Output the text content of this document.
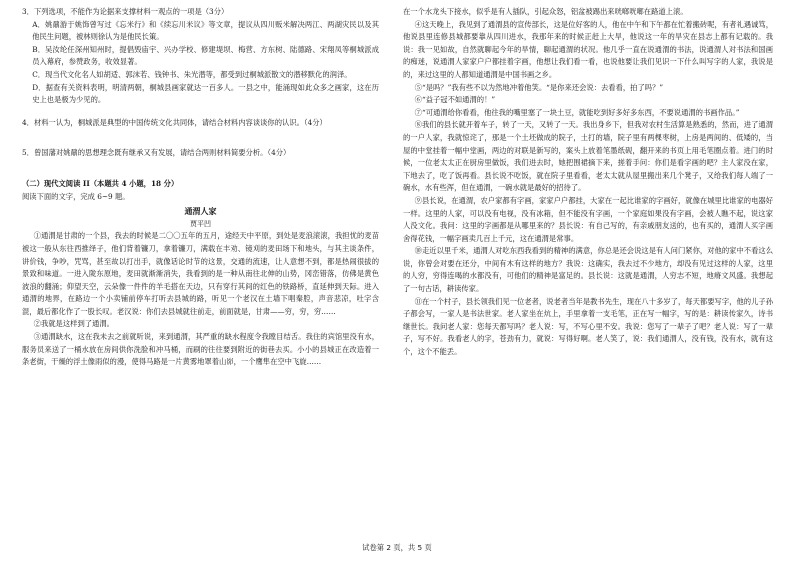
3．下列选项，不能作为论据来支撑材料一观点的一项是（3分）

A．姚鼐游于姚饰曾写过《忘米行》和《续忘川米议》等文章，提议从四川贩米解决两江、两湖灾民以及其他民生问题，被林则徐认为是他民长策。

B．吴汝纶任深州知州时，提倡毁庙宇、兴办学校、修建堤坝、梅营、方东树、陆德路、宋翔凤等桐城派成员入幕府，参赞政务，收效显著。

C．现当代文化名人如胡适、郭沫若、钱钟书、朱光潜等，都受到过桐城派散文的潜移默化的润泽。

D．据查有关资料表明，明清两朝，桐城县画家就达一百多人。一县之中，能涌现如此众多之画家，这在历史上也是极为少见的。

4．材料一认为，桐城派是典型的中国传统文化共同体，请结合材料内容谈谈你的认识。（4分）

5．曾国藩对姚鼐的思想理念既有继承又有发展，请结合两则材料简要分析。（4分）

（二）现代文阅读 II（本题共 4 小题，18 分）

阅读下面的文字，完成 6~9 题。

通渭人家
贾平凹

①通渭是甘肃的一个县，我去的时候是二〇〇五年的五月，途经天中平原，到处是麦浪滚滚，我担忧的麦苗被这一般从东往西推绎子，他们背着镰刀，拿着镰刀，满载在丰劝、镜刈的麦田场下和地头，与其主谈条件，讲价钱，争吵，咒骂，甚至故以打出手，就像话论时节的这景，交通的流速，让人意想不到，都是热闹很拔的景致和味道。一进入陇东原地，麦田就渐渐消失，我看到的是一种从南往北伸的山势，冈峦错落，仿佛是黄色波浪的翻涌；仰望天空，云朵像一件件的羊毛搭在天边，只有穿行其间的红色的铁路桥，直延伸到天际。进入通渭的地界，在路边一个小卖铺前停车打听去县城的路，听见一个老汉在土墙下唱秦腔，声音悲凉，吐字含混，最后都化作了一股长叹。老汉说：你们去县城就往前走，前面就是，甘肃——穷，穷，穷……

②我就是这样到了通渭。

③通渭缺水，这在我未去之前就听说，来到通渭，其严重的缺水程度令我瞠目结舌。我住的宾馆里没有水，服务员来送了一桶水放在房间供你洗脸和冲马桶，而刷的往往要到附近的街巷去买。小小的县城正在改造着一条老街，干燥的浮土像雨似的漫，使得马路是一片黄雾地罩着山峁，一个鹰隼在空中飞旋……

在一个水龙头下接水，似乎是有人插队，引起众怒，铝盆被踢出来咣啷咣啷在路道上滚。

④这天晚上，我见到了通渭县的宣传部长，这是位好客的人，他在中午和下午都在忙着搬砖呢，有者礼遇诚笃，他说县里连修县城都要靠从四川进水，我那年来的时候正赶上大旱，他说这一年的旱灾在县志上都有记载的。我说：我一见如故，自然就聊起今年的旱情，聊起通渭的状况。他几乎一直在说通渭的书法，说通渭人对书法和国画的痴迷，说通渭人家家户户都挂着字画，他想让我们看一看，也说他要让我们见识一下什么叫写字的人家，我说是的，来过这里的人都知道通渭是中国书画之乡。

⑤“是吗？”我有些不以为然地冲着他笑。“是你来还会说：去看看，拍了吗？”

⑥“益子冠不如通渭的！”

⑦“可通渭给你看看，他往我的嘴里塞了一块土豆，就能吃到好多好多东西，不要说通渭的书画作品。”

⑧我们的县长就开着车子，转了一天，又转了一天。我出身乡下，但我对农村生活算是熟悉的，然而，进了通渭的一户人家，我就惊诧了，那是一个土坯做成的院子，土打的墙，院子里有两棵枣树，上房是两间的、低矮的，当屋的中堂挂着一幅中堂画，两边的对联是新写的，案头上放着笔墨纸砚，翻开来的书页上用毛笔圈点着。进门的时候，一位老太太正在厨房里做饭，我们进去时，她把围裙摘下来，搓着手问：你们是看字画的吧？主人家没在家，下地去了，吃了饭再看。县长说不吃饭，就在院子里看看，老太太就从屋里搬出来几个凳子，又给我们每人端了一碗水，水有些浑，但在通渭，一碗水就是最好的招待了。

⑨县长说，在通渭，农户家都有字画，家家户户都挂，大家在一起比谁家的字画好，就像在城里比谁家的电器好一样。这里的人家，可以没有电视，没有冰箱，但不能没有字画，一个家庭如果没有字画，会被人瞧不起，说这家人没文化。我问：这里的字画都是从哪里来的？县长说：有自己写的，有亲戚朋友送的，也有买的，通渭人买字画舍得花钱，一幅字画卖几百上千元，这在通渭是常事。

⑩走近以里千米，通渭人对吃东西我看到的精神的满意，你总是还会说这是有人问门紧你，对他的家中不看这么说，你曾会对要在还分，中间有木有这样的地方？我说：这确实，我去过不少地方，却没有见过这样的人家，这里的人穷，穷得连喝的水都没有，可他们的精神是富足的。县长说：这就是通渭，人穷志不短，地瘠文风盛。我想起了一句古话，耕读传家。

⑪在一个村子，县长领我们见一位老者，说老者当年是教书先生，现在八十多岁了，每天都要写字，他的儿子孙子都会写，一家人是书法世家。老人家坐在炕上，手里拿着一支毛笔，正在写一幅字，写的是：耕读传家久，诗书继世长。我问老人家：您每天都写吗？老人说：写，不写心里不安。我说：您写了一辈子了吧？老人说：写了一辈子，写不好。我看老人的字，苍劲有力，就说：写得好啊。老人笑了，说：我们通渭人，没有钱，没有水，就有这个，这个不能丢。

试卷第 2 页，共 5 页
